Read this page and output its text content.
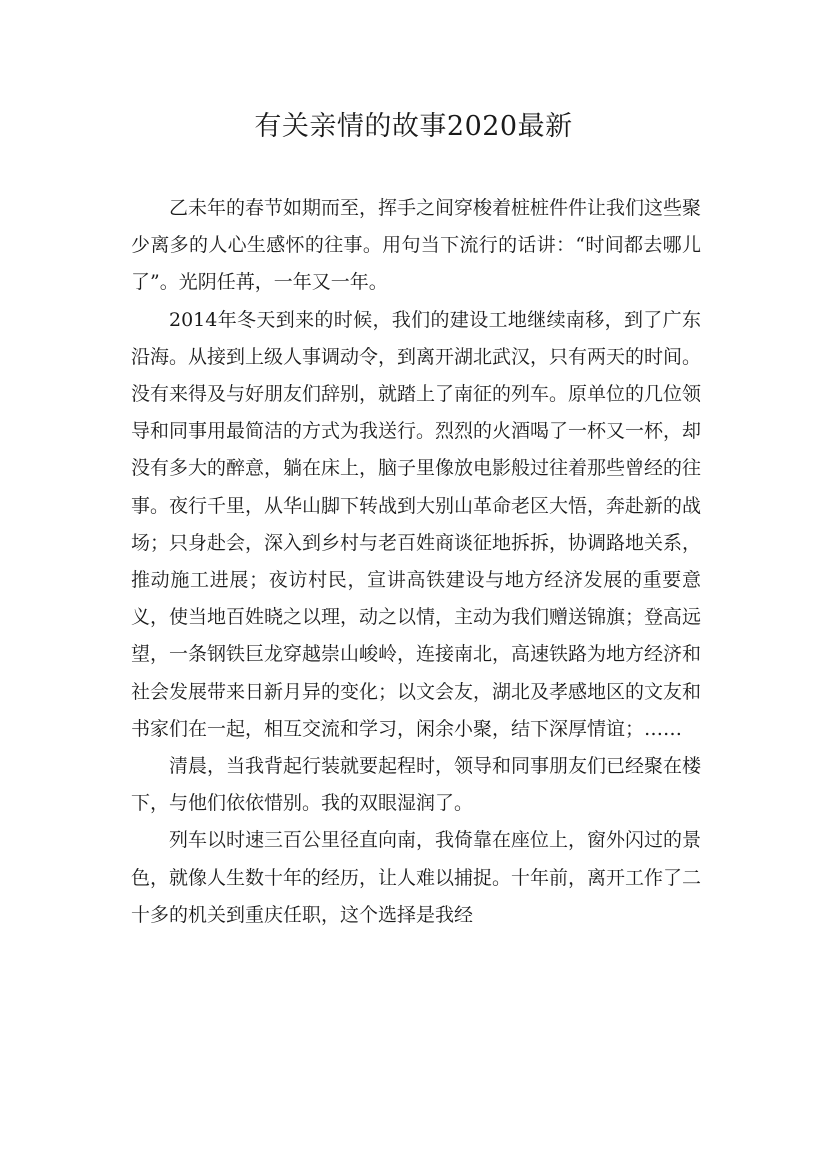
有关亲情的故事2020最新

乙未年的春节如期而至，挥手之间穿梭着桩桩件件让我们这些聚少离多的人心生感怀的往事。用句当下流行的话讲：“时间都去哪儿了”。光阴任苒，一年又一年。

2014年冬天到来的时候，我们的建设工地继续南移，到了广东沿海。从接到上级人事调动令，到离开湖北武汉，只有两天的时间。没有来得及与好朋友们辞别，就踏上了南征的列车。原单位的几位领导和同事用最简洁的方式为我送行。烈烈的火酒喝了一杯又一杯，却没有多大的醉意，躺在床上，脑子里像放电影般过往着那些曾经的往事。夜行千里，从华山脚下转战到大别山革命老区大悟，奔赴新的战场；只身赴会，深入到乡村与老百姓商谈征地拆拆，协调路地关系，推动施工进展；夜访村民，宣讲高铁建设与地方经济发展的重要意义，使当地百姓晓之以理，动之以情，主动为我们赠送锦旗；登高远望，一条钢铁巨龙穿越崇山峻岭，连接南北，高速铁路为地方经济和社会发展带来日新月异的变化；以文会友，湖北及孝感地区的文友和书家们在一起，相互交流和学习，闲余小聚，结下深厚情谊；……

清晨，当我背起行装就要起程时，领导和同事朋友们已经聚在楼下，与他们依依惜别。我的双眼湿润了。

列车以时速三百公里径直向南，我倚靠在座位上，窗外闪过的景色，就像人生数十年的经历，让人难以捕捉。十年前，离开工作了二十多的机关到重庆任职，这个选择是我经
